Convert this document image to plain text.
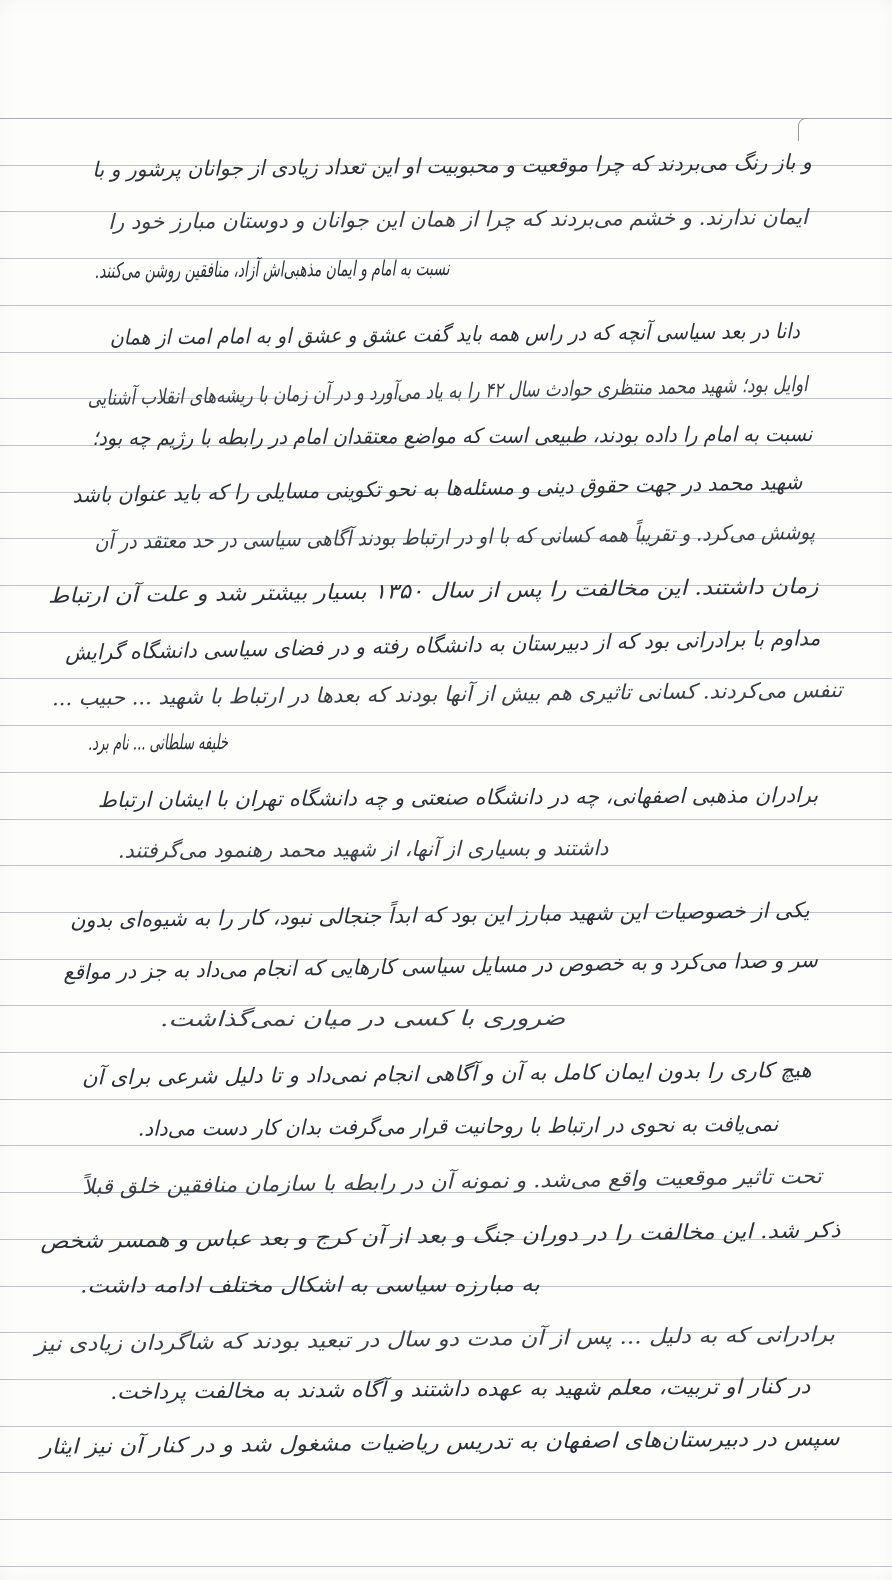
و باز رنگ می‌بردند که چرا موقعیت و محبوبیت او این تعداد زیادی از جوانان پرشور و با
ایمان ندارند. و خشم می‌بردند که چرا از همان این جوانان و دوستان مبارز خود را
نسبت به امام و ایمان مذهبی‌اش آزاد، منافقین روشن می‌کنند.
دانا در بعد سیاسی آنچه که در راس همه باید گفت عشق و عشق او به امام امت از همان
اوایل بود؛ شهید محمد منتظری حوادث سال ۴۲ را به یاد می‌آورد و در آن زمان با ریشه‌های انقلاب آشنایی
نسبت به امام را داده بودند، طبیعی است که مواضع معتقدان امام در رابطه با رژیم چه بود؛
شهید محمد در جهت حقوق دینی و مسئله‌ها به نحو تکوینی مسایلی را که باید عنوان باشد
پوشش می‌کرد. و تقریباً همه کسانی که با او در ارتباط بودند آگاهی سیاسی در حد معتقد در آن
زمان داشتند. این مخالفت را پس از سال ۱۳۵۰ بسیار بیشتر شد و علت آن ارتباط
مداوم با برادرانی بود که از دبیرستان به دانشگاه رفته و در فضای سیاسی دانشگاه گرایش
تنفس می‌کردند. کسانی تاثیری هم بیش از آنها بودند که بعدها در ارتباط با شهید ... حبیب ...
خلیفه سلطانی ... نام برد.
برادران مذهبی اصفهانی، چه در دانشگاه صنعتی و چه دانشگاه تهران با ایشان ارتباط
داشتند و بسیاری از آنها، از شهید محمد رهنمود می‌گرفتند.
یکی از خصوصیات این شهید مبارز این بود که ابداً جنجالی نبود، کار را به شیوه‌ای بدون
سر و صدا می‌کرد و به خصوص در مسایل سیاسی کارهایی که انجام می‌داد به جز در مواقع
ضروری با کسی در میان نمی‌گذاشت.
هیچ کاری را بدون ایمان کامل به آن و آگاهی انجام نمی‌داد و تا دلیل شرعی برای آن
نمی‌یافت به نحوی در ارتباط با روحانیت قرار می‌گرفت بدان کار دست می‌داد.
تحت تاثیر موقعیت واقع می‌شد. و نمونه آن در رابطه با سازمان منافقین خلق قبلاً
ذکر شد. این مخالفت را در دوران جنگ و بعد از آن کرج و بعد عباس و همسر شخص
به مبارزه سیاسی به اشکال مختلف ادامه داشت.
برادرانی که به دلیل ... پس از آن مدت دو سال در تبعید بودند که شاگردان زیادی نیز
در کنار او تربیت، معلم شهید به عهده داشتند و آگاه شدند به مخالفت پرداخت.
سپس در دبیرستان‌های اصفهان به تدریس ریاضیات مشغول شد و در کنار آن نیز ایثار
